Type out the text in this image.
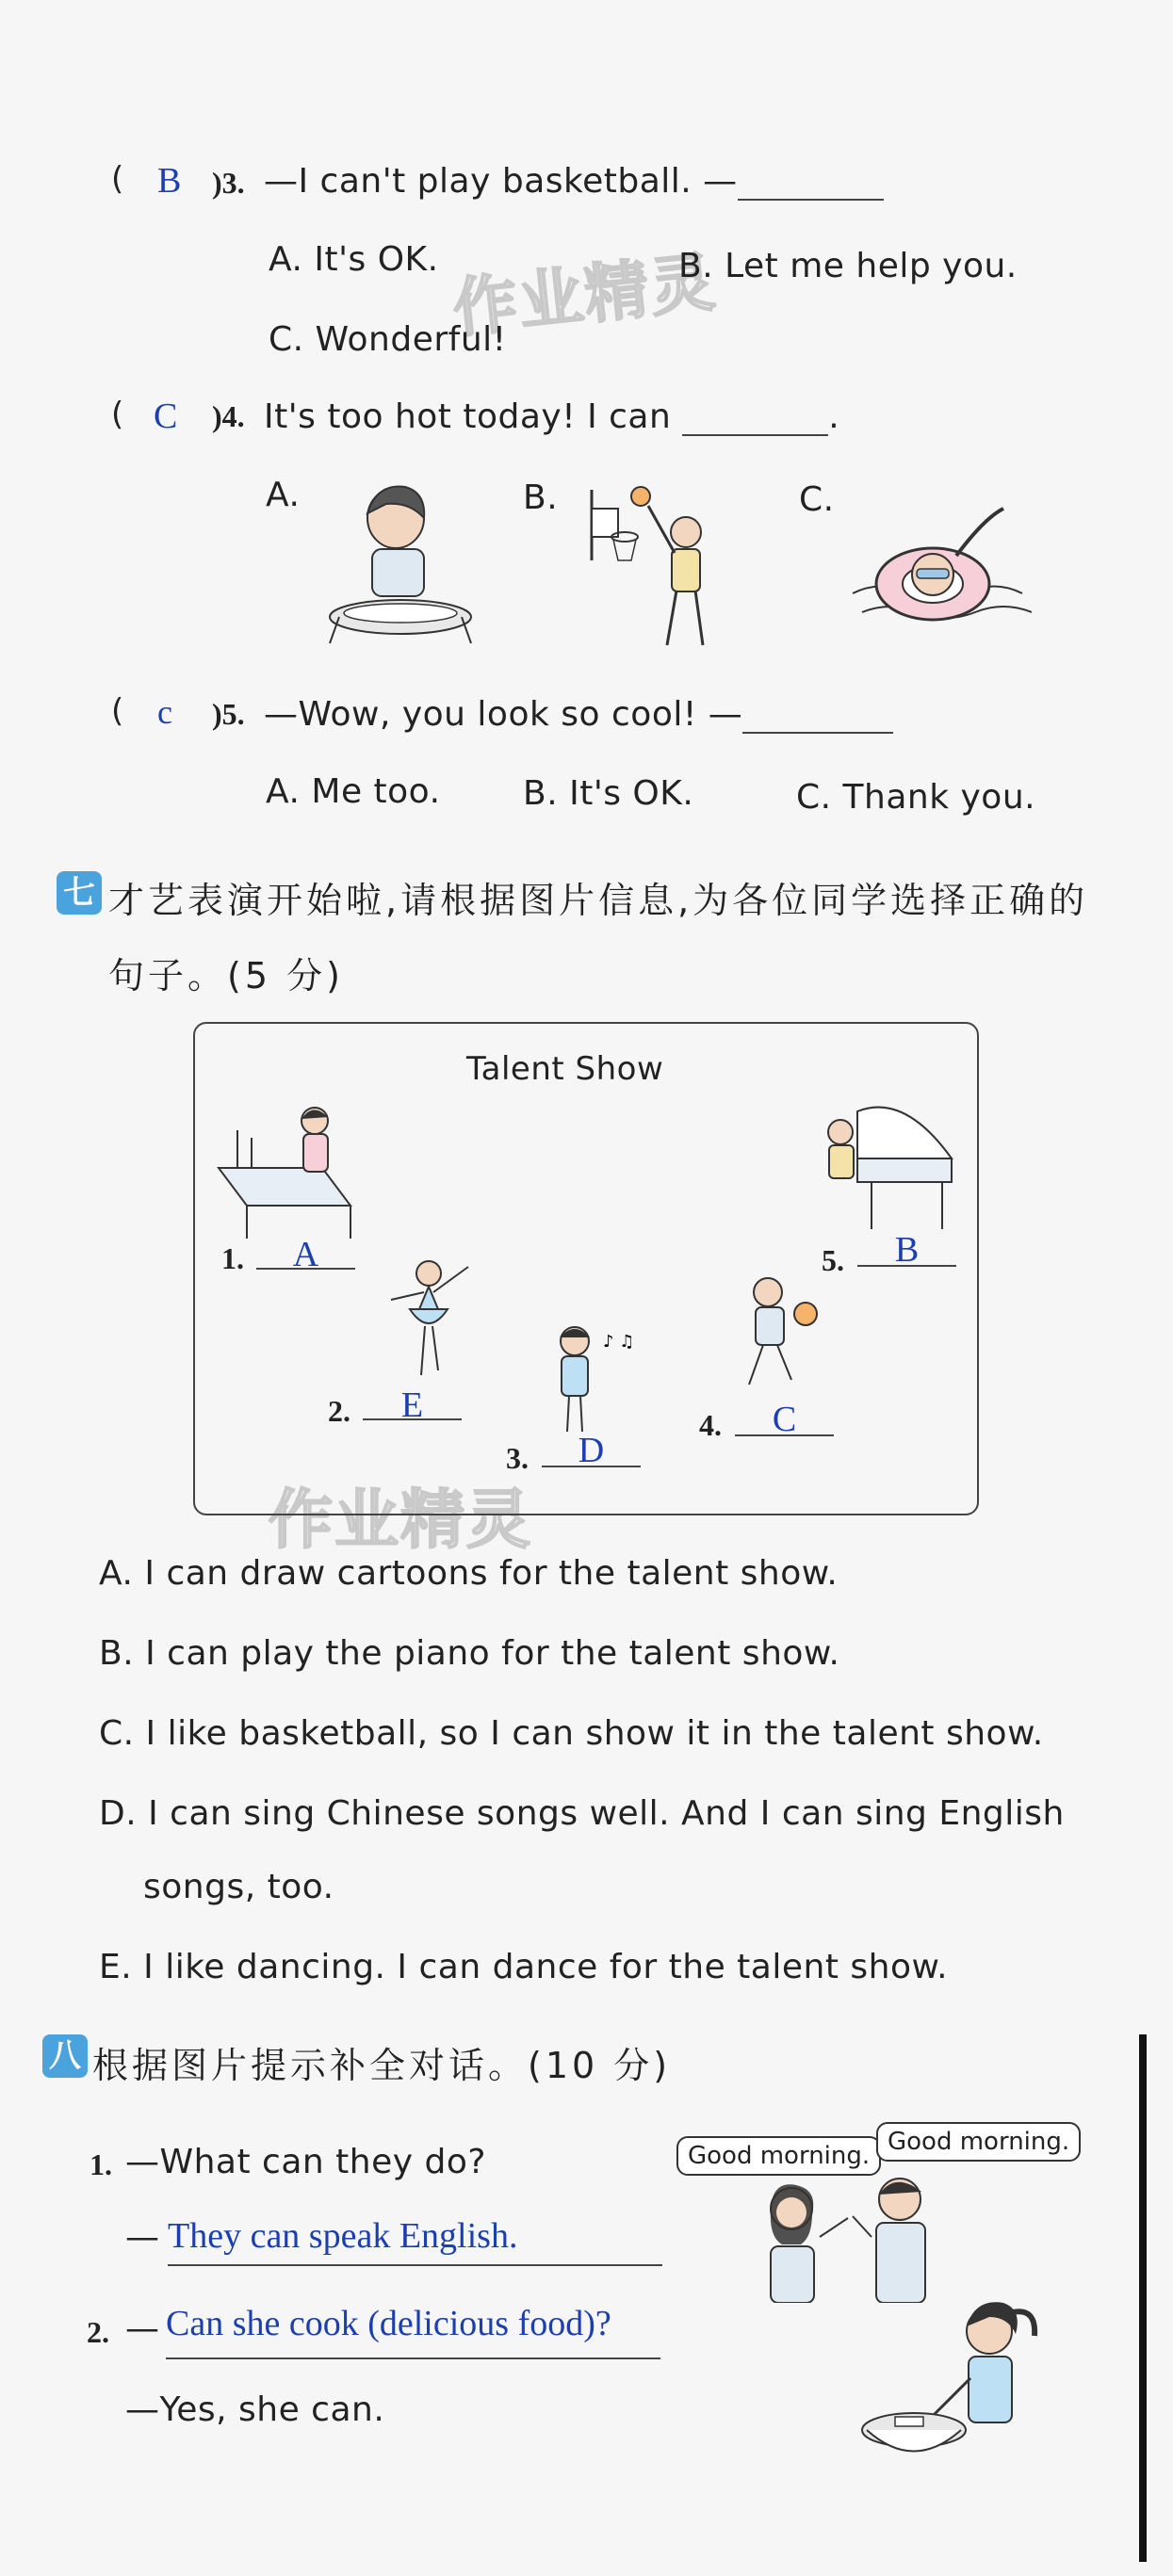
作业精灵
作业精灵
( B )3. —I can't play basketball. —
A. It's OK.	B. Let me help you.
C. Wonderful!
( C )4. It's too hot today! I can	.
A.	B.	C.
( c )5. —Wow, you look so cool! —
A. Me too. B. It's OK.	C. Thank you.
七 才艺表演开始啦,请根据图片信息,为各位同学选择正确的
句子。(5 分)
Talent Show
♪ ♫
1.	A
2.	E
3.	D
4.	C
5.	B
A. I can draw cartoons for the talent show.
B. I can play the piano for the talent show.
C. I like basketball, so I can show it in the talent show.
D. I can sing Chinese songs well. And I can sing English
songs, too.
E. I like dancing. I can dance for the talent show.
八 根据图片提示补全对话。(10 分)
1. —What can they do?
— They can speak English.
Good morning. Good morning.
2. — Can she cook (delicious food)?
—Yes, she can.
